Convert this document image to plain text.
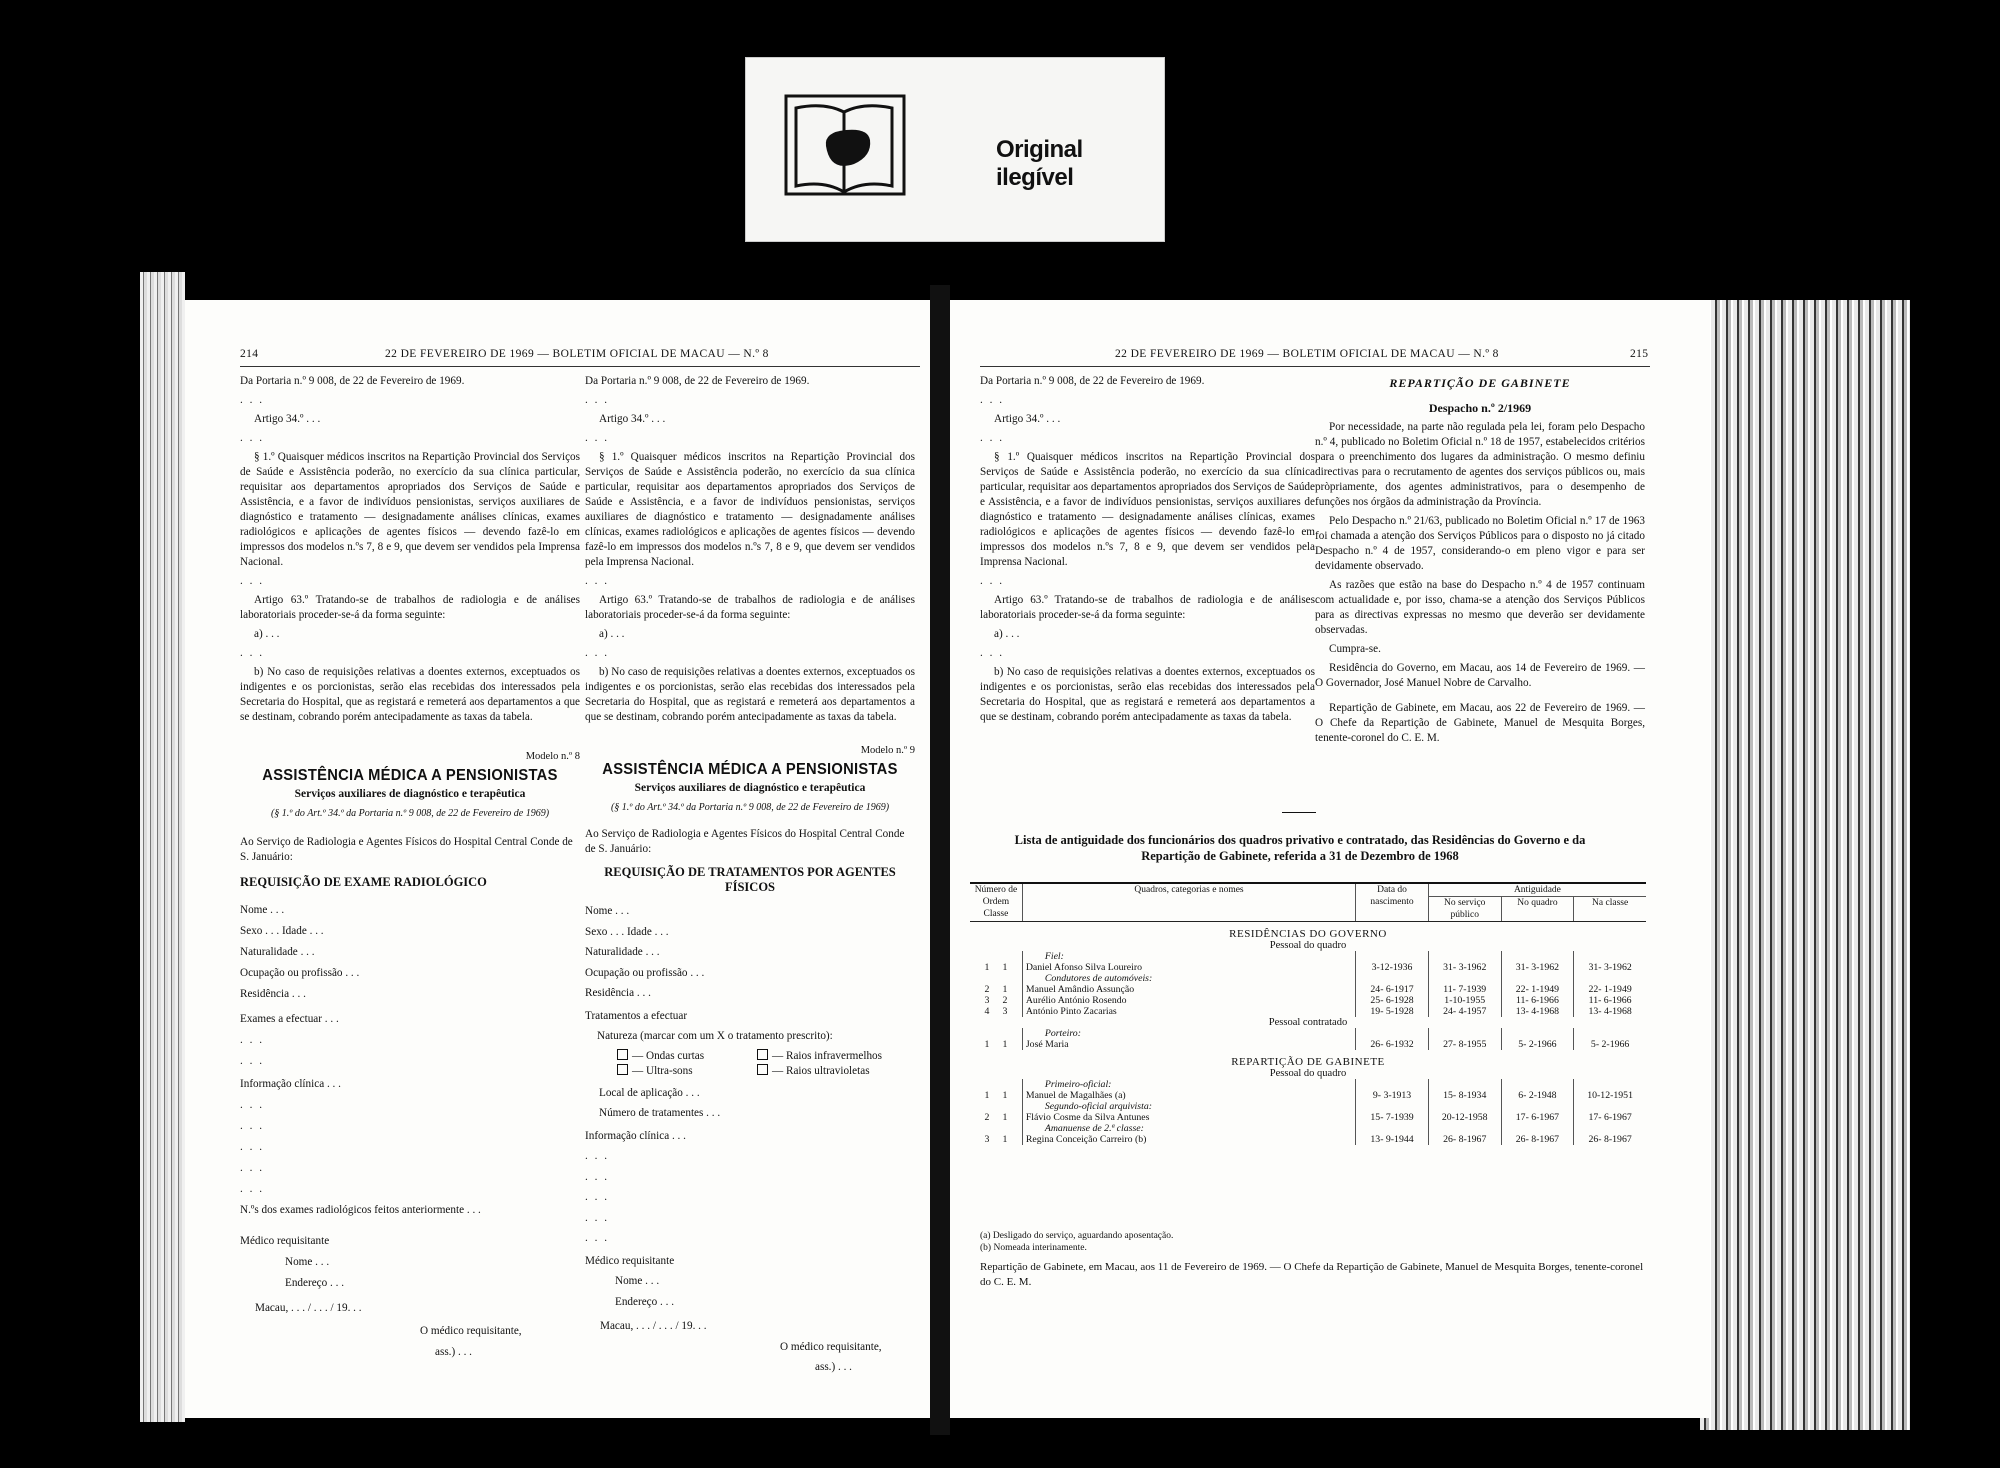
Original ilegível
214	22 DE FEVEREIRO DE 1969 — BOLETIM OFICIAL DE MACAU — N.º 8

Da Portaria n.º 9 008, de 22 de Fevereiro de 1969.

. . .

Artigo 34.º . . .

. . .

§ 1.º Quaisquer médicos inscritos na Repartição Provincial dos Serviços de Saúde e Assistência poderão, no exercício da sua clínica particular, requisitar aos departamentos apropriados dos Serviços de Saúde e Assistência, e a favor de indivíduos pensionistas, serviços auxiliares de diagnóstico e tratamento — designadamente análises clínicas, exames radiológicos e aplicações de agentes físicos — devendo fazê-lo em impressos dos modelos n.ºs 7, 8 e 9, que devem ser vendidos pela Imprensa Nacional.

. . .

Artigo 63.º Tratando-se de trabalhos de radiologia e de análises laboratoriais proceder-se-á da forma seguinte:

a) . . .

. . .

b) No caso de requisições relativas a doentes externos, exceptuados os indigentes e os porcionistas, serão elas recebidas dos interessados pela Secretaria do Hospital, que as registará e remeterá aos departamentos a que se destinam, cobrando porém antecipadamente as taxas da tabela.

Modelo n.º 8

ASSISTÊNCIA MÉDICA A PENSIONISTAS

Serviços auxiliares de diagnóstico e terapêutica

(§ 1.º do Art.º 34.º da Portaria n.º 9 008, de 22 de Fevereiro de 1969)

Ao Serviço de Radiologia e Agentes Físicos do Hospital Central Conde de S. Januário:

REQUISIÇÃO DE EXAME RADIOLÓGICO

Nome . . .

Sexo . . . Idade . . .

Naturalidade . . .

Ocupação ou profissão . . .

Residência . . .

Exames a efectuar . . .

. . .

. . .

Informação clínica . . .

. . .

. . .

. . .

. . .

. . .

N.ºs dos exames radiológicos feitos anteriormente . . .

Médico requisitante

Nome . . .

Endereço . . .

Macau, . . . / . . . / 19. . .

O médico requisitante,

ass.) . . .

Da Portaria n.º 9 008, de 22 de Fevereiro de 1969.

. . .

Artigo 34.º . . .

. . .

§ 1.º Quaisquer médicos inscritos na Repartição Provincial dos Serviços de Saúde e Assistência poderão, no exercício da sua clínica particular, requisitar aos departamentos apropriados dos Serviços de Saúde e Assistência, e a favor de indivíduos pensionistas, serviços auxiliares de diagnóstico e tratamento — designadamente análises clínicas, exames radiológicos e aplicações de agentes físicos — devendo fazê-lo em impressos dos modelos n.ºs 7, 8 e 9, que devem ser vendidos pela Imprensa Nacional.

. . .

Artigo 63.º Tratando-se de trabalhos de radiologia e de análises laboratoriais proceder-se-á da forma seguinte:

a) . . .

. . .

b) No caso de requisições relativas a doentes externos, exceptuados os indigentes e os porcionistas, serão elas recebidas dos interessados pela Secretaria do Hospital, que as registará e remeterá aos departamentos a que se destinam, cobrando porém antecipadamente as taxas da tabela.

Modelo n.º 9

ASSISTÊNCIA MÉDICA A PENSIONISTAS

Serviços auxiliares de diagnóstico e terapêutica

(§ 1.º do Art.º 34.º da Portaria n.º 9 008, de 22 de Fevereiro de 1969)

Ao Serviço de Radiologia e Agentes Físicos do Hospital Central Conde de S. Januário:

REQUISIÇÃO DE TRATAMENTOS POR AGENTES FÍSICOS

Nome . . .

Sexo . . . Idade . . .

Naturalidade . . .

Ocupação ou profissão . . .

Residência . . .

Tratamentos a efectuar

Natureza (marcar com um X o tratamento prescrito):

— Ondas curtas
— Ultra-sons
— Raios infravermelhos
— Raios ultravioletas

Local de aplicação . . .

Número de tratamentes . . .

Informação clínica . . .

. . .

. . .

. . .

. . .

. . .

Médico requisitante

Nome . . .

Endereço . . .

Macau, . . . / . . . / 19. . .

O médico requisitante,

ass.) . . .

22 DE FEVEREIRO DE 1969 — BOLETIM OFICIAL DE MACAU — N.º 8	215

Da Portaria n.º 9 008, de 22 de Fevereiro de 1969.

. . .

Artigo 34.º . . .

. . .

§ 1.º Quaisquer médicos inscritos na Repartição Provincial dos Serviços de Saúde e Assistência poderão, no exercício da sua clínica particular, requisitar aos departamentos apropriados dos Serviços de Saúde e Assistência, e a favor de indivíduos pensionistas, serviços auxiliares de diagnóstico e tratamento — designadamente análises clínicas, exames radiológicos e aplicações de agentes físicos — devendo fazê-lo em impressos dos modelos n.ºs 7, 8 e 9, que devem ser vendidos pela Imprensa Nacional.

. . .

Artigo 63.º Tratando-se de trabalhos de radiologia e de análises laboratoriais proceder-se-á da forma seguinte:

a) . . .

. . .

b) No caso de requisições relativas a doentes externos, exceptuados os indigentes e os porcionistas, serão elas recebidas dos interessados pela Secretaria do Hospital, que as registará e remeterá aos departamentos a que se destinam, cobrando porém antecipadamente as taxas da tabela.

REPARTIÇÃO DE GABINETE

Despacho n.º 2/1969

Por necessidade, na parte não regulada pela lei, foram pelo Despacho n.º 4, publicado no Boletim Oficial n.º 18 de 1957, estabelecidos critérios para o preenchimento dos lugares da administração. O mesmo definiu directivas para o recrutamento de agentes dos serviços públicos ou, mais pròpriamente, dos agentes administrativos, para o desempenho de funções nos órgãos da administração da Província.

Pelo Despacho n.º 21/63, publicado no Boletim Oficial n.º 17 de 1963 foi chamada a atenção dos Serviços Públicos para o disposto no já citado Despacho n.º 4 de 1957, considerando-o em pleno vigor e para ser devidamente observado.

As razões que estão na base do Despacho n.º 4 de 1957 continuam com actualidade e, por isso, chama-se a atenção dos Serviços Públicos para as directivas expressas no mesmo que deverão ser devidamente observadas.

Cumpra-se.

Residência do Governo, em Macau, aos 14 de Fevereiro de 1969. — O Governador, José Manuel Nobre de Carvalho.

Repartição de Gabinete, em Macau, aos 22 de Fevereiro de 1969. — O Chefe da Repartição de Gabinete, Manuel de Mesquita Borges, tenente-coronel do C. E. M.

Lista de antiguidade dos funcionários dos quadros privativo e contratado, das Residências do Governo e da Repartição de Gabinete, referida a 31 de Dezembro de 1968
Número de
Ordem Classe	Quadros, categorias e nomes	Data do nascimento	Antiguidade		
			No serviço público	No quadro	Na classe
RESIDÊNCIAS DO GOVERNO					
Pessoal do quadro					
	Fiel:				
1 1	Daniel Afonso Silva Loureiro	3-12-1936	31- 3-1962	31- 3-1962	31- 3-1962
	Condutores de automóveis:				
2 1	Manuel Amândio Assunção	24- 6-1917	11- 7-1939	22- 1-1949	22- 1-1949
3 2	Aurélio António Rosendo	25- 6-1928	1-10-1955	11- 6-1966	11- 6-1966
4 3	António Pinto Zacarias	19- 5-1928	24- 4-1957	13- 4-1968	13- 4-1968
Pessoal contratado					
	Porteiro:				
1 1	José Maria	26- 6-1932	27- 8-1955	5- 2-1966	5- 2-1966
REPARTIÇÃO DE GABINETE					
Pessoal do quadro					
	Primeiro-oficial:				
1 1	Manuel de Magalhães (a)	9- 3-1913	15- 8-1934	6- 2-1948	10-12-1951
	Segundo-oficial arquivista:				
2 1	Flávio Cosme da Silva Antunes	15- 7-1939	20-12-1958	17- 6-1967	17- 6-1967
	Amanuense de 2.ª classe:				
3 1	Regina Conceição Carreiro (b)	13- 9-1944	26- 8-1967	26- 8-1967	26- 8-1967
(a) Desligado do serviço, aguardando aposentação.
(b) Nomeada interinamente.
Repartição de Gabinete, em Macau, aos 11 de Fevereiro de 1969. — O Chefe da Repartição de Gabinete, Manuel de Mesquita Borges, tenente-coronel do C. E. M.
